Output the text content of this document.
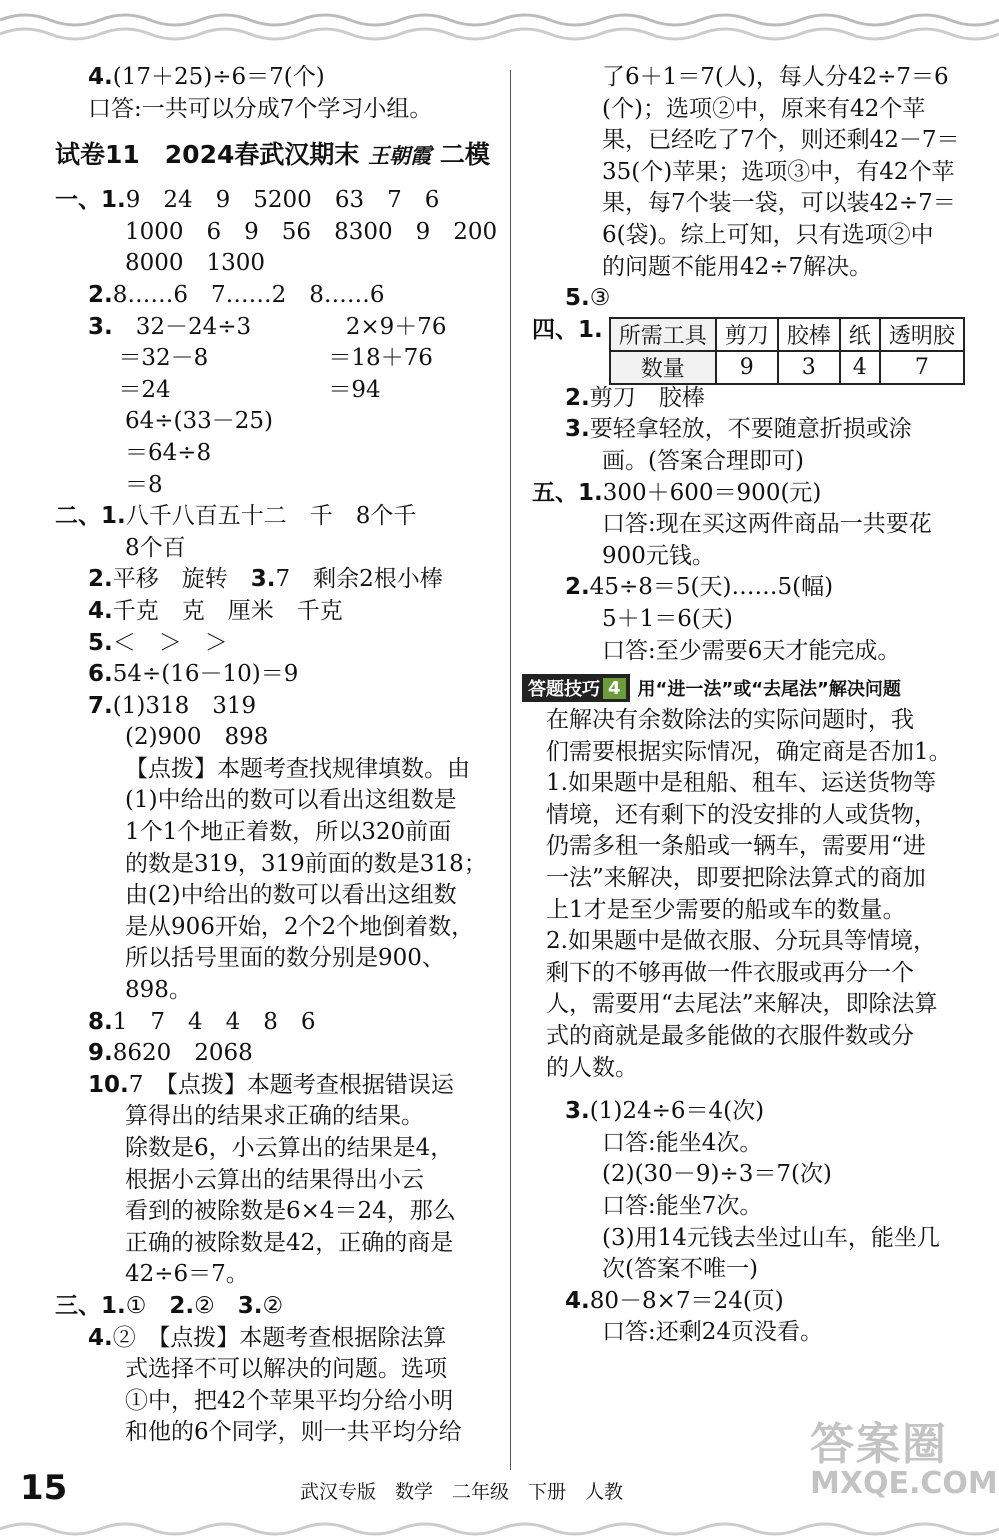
4.(17＋25)÷6＝7(个)
口答:一共可以分成7个学习小组。
试卷11　2024春武汉期末 王朝霞 二模
一、1.9　24　9　5200　63　7　6
1000　6　9　56　8300　9　200
8000　1300
2.8……6　7……2　8……6
3.　 32－24÷3	2×9＋76
　 ＝32－8	＝18＋76
　 ＝24	＝94
64÷(33－25)
＝64÷8
＝8
二、1.八千八百五十二　千　8个千
8个百
2.平移　旋转　 3.7　剩余2根小棒
4.千克　克　厘米　千克
5.＜　＞　＞
6.54÷(16－10)＝9
7.(1)318　319
(2)900　898
【点拨】本题考查找规律填数。由
(1)中给出的数可以看出这组数是
1个1个地正着数，所以320前面
的数是319，319前面的数是318；
由(2)中给出的数可以看出这组数
是从906开始，2个2个地倒着数，
所以括号里面的数分别是900、
898。
8.1　7　4　4　8　6
9.8620　2068
10.7　【点拨】本题考查根据错误运
算得出的结果求正确的结果。
除数是6，小云算出的结果是4，
根据小云算出的结果得出小云
看到的被除数是6×4＝24，那么
正确的被除数是42，正确的商是
42÷6＝7。
三、1.①　 2.②　 3.②
4.②　【点拨】本题考查根据除法算
式选择不可以解决的问题。选项
①中，把42个苹果平均分给小明
和他的6个同学，则一共平均分给
了6＋1＝7(人)，每人分42÷7＝6
(个)；选项②中，原来有42个苹
果，已经吃了7个，则还剩42－7＝
35(个)苹果；选项③中，有42个苹
果，每7个装一袋，可以装42÷7＝
6(袋)。综上可知，只有选项②中
的问题不能用42÷7解决。
5.③
四、1. 所需工具	剪刀	胶棒	纸	透明胶
数量	9	3	4	7
2.剪刀　胶棒
3.要轻拿轻放，不要随意折损或涂
画。(答案合理即可)
五、1.300＋600＝900(元)
口答:现在买这两件商品一共要花
900元钱。
2.45÷8＝5(天)……5(幅)
5＋1＝6(天)
口答:至少需要6天才能完成。
答题技巧 4 用“进一法”或“去尾法”解决问题
在解决有余数除法的实际问题时，我
们需要根据实际情况，确定商是否加1。
1.如果题中是租船、租车、运送货物等
情境，还有剩下的没安排的人或货物，
仍需多租一条船或一辆车，需要用“进
一法”来解决，即要把除法算式的商加
上1才是至少需要的船或车的数量。
2.如果题中是做衣服、分玩具等情境，
剩下的不够再做一件衣服或再分一个
人，需要用“去尾法”来解决，即除法算
式的商就是最多能做的衣服件数或分
的人数。
3.(1)24÷6＝4(次)
口答:能坐4次。
(2)(30－9)÷3＝7(次)
口答:能坐7次。
(3)用14元钱去坐过山车，能坐几
次(答案不唯一)
4.80－8×7＝24(页)
口答:还剩24页没看。
15	武汉专版　数学　二年级　下册　人教
答案圈
MXQE.COM
